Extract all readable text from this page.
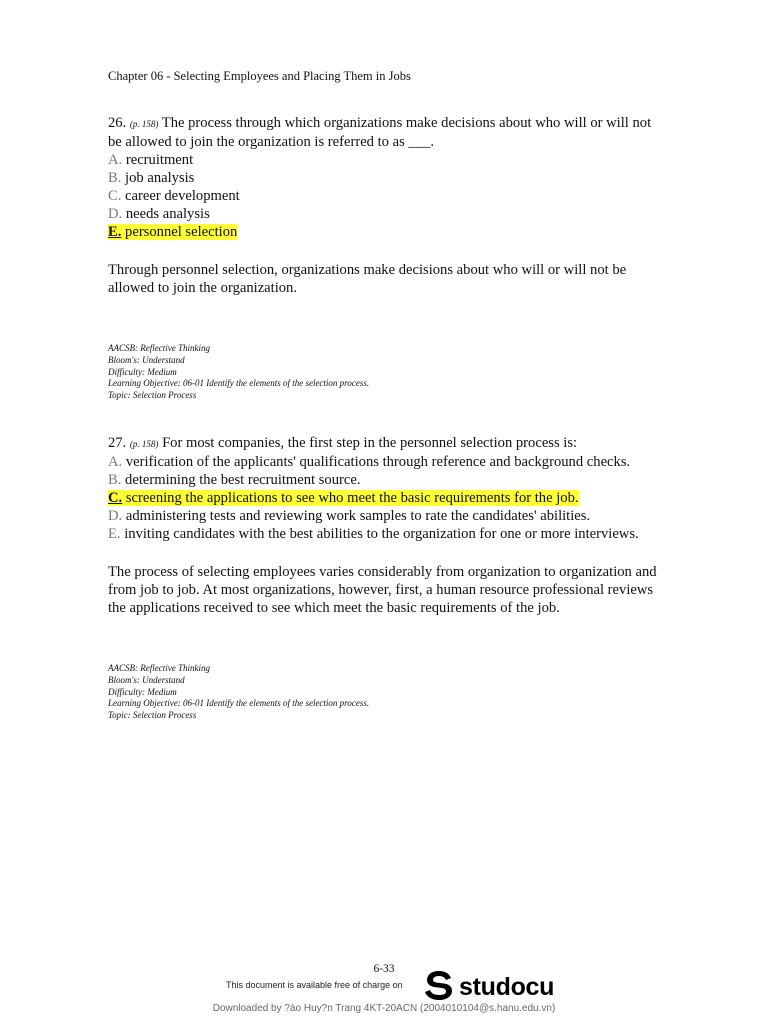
Chapter 06 - Selecting Employees and Placing Them in Jobs
26. (p. 158) The process through which organizations make decisions about who will or will not
be allowed to join the organization is referred to as ___.
A. recruitment
B. job analysis
C. career development
D. needs analysis
E. personnel selection
Through personnel selection, organizations make decisions about who will or will not be
allowed to join the organization.
AACSB: Reflective Thinking
Bloom's: Understand
Difficulty: Medium
Learning Objective: 06-01 Identify the elements of the selection process.
Topic: Selection Process
27. (p. 158) For most companies, the first step in the personnel selection process is:
A. verification of the applicants' qualifications through reference and background checks.
B. determining the best recruitment source.
C. screening the applications to see who meet the basic requirements for the job.
D. administering tests and reviewing work samples to rate the candidates' abilities.
E. inviting candidates with the best abilities to the organization for one or more interviews.
The process of selecting employees varies considerably from organization to organization and
from job to job. At most organizations, however, first, a human resource professional reviews
the applications received to see which meet the basic requirements of the job.
AACSB: Reflective Thinking
Bloom's: Understand
Difficulty: Medium
Learning Objective: 06-01 Identify the elements of the selection process.
Topic: Selection Process
6-33
This document is available free of charge on studocu
Downloaded by ?ào Huy?n Trang 4KT-20ACN (2004010104@s.hanu.edu.vn)
